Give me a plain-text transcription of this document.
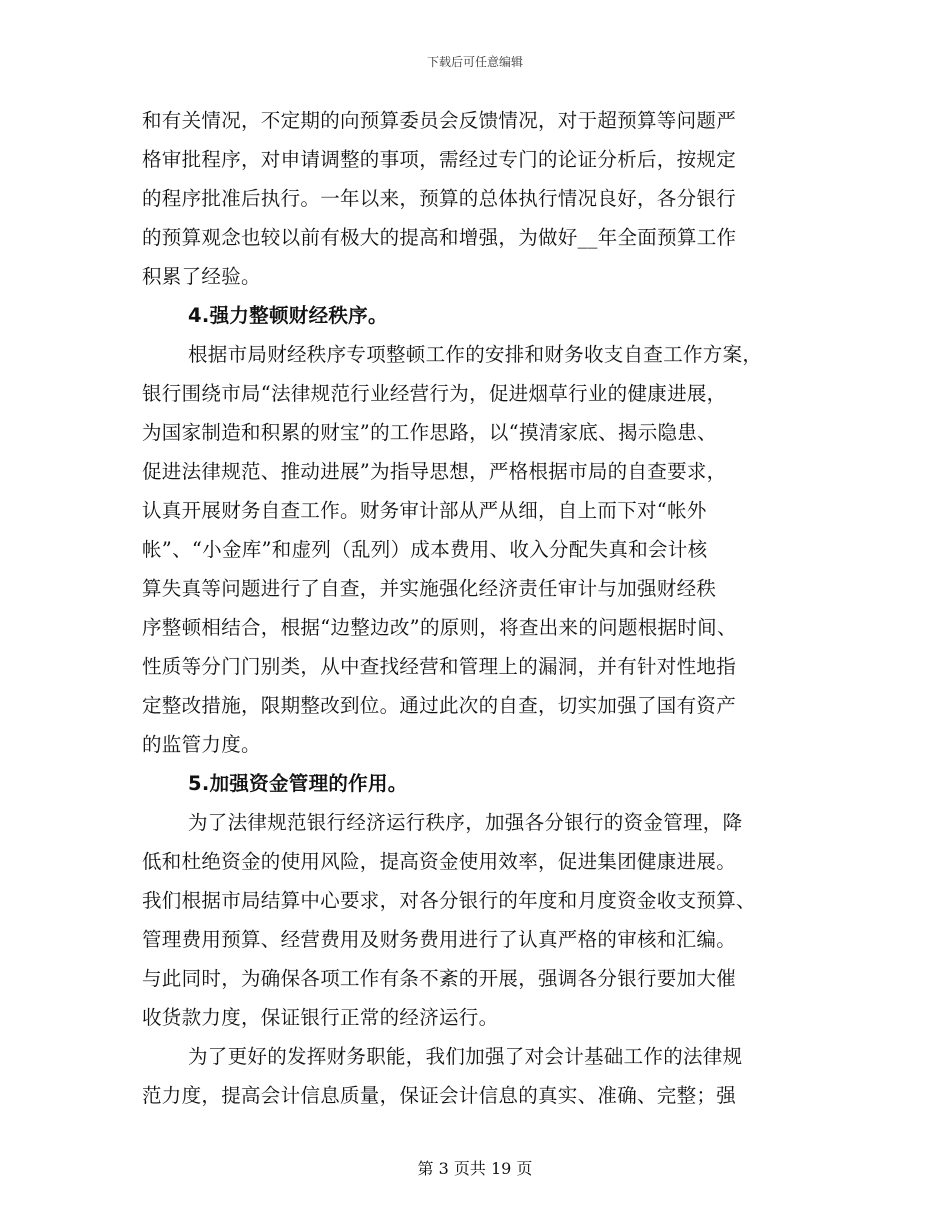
下载后可任意编辑
和有关情况，不定期的向预算委员会反馈情况，对于超预算等问题严
格审批程序，对申请调整的事项，需经过专门的论证分析后，按规定
的程序批准后执行。一年以来，预算的总体执行情况良好，各分银行
的预算观念也较以前有极大的提高和增强，为做好__年全面预算工作
积累了经验。
4.强力整顿财经秩序。
根据市局财经秩序专项整顿工作的安排和财务收支自查工作方案，
银行围绕市局“法律规范行业经营行为，促进烟草行业的健康进展，
为国家制造和积累的财宝”的工作思路，以“摸清家底、揭示隐患、
促进法律规范、推动进展”为指导思想，严格根据市局的自查要求，
认真开展财务自查工作。财务审计部从严从细，自上而下对“帐外
帐”、“小金库”和虚列（乱列）成本费用、收入分配失真和会计核
算失真等问题进行了自查，并实施强化经济责任审计与加强财经秩
序整顿相结合，根据“边整边改”的原则，将查出来的问题根据时间、
性质等分门门别类，从中查找经营和管理上的漏洞，并有针对性地指
定整改措施，限期整改到位。通过此次的自查，切实加强了国有资产
的监管力度。
5.加强资金管理的作用。
为了法律规范银行经济运行秩序，加强各分银行的资金管理，降
低和杜绝资金的使用风险，提高资金使用效率，促进集团健康进展。
我们根据市局结算中心要求，对各分银行的年度和月度资金收支预算、
管理费用预算、经营费用及财务费用进行了认真严格的审核和汇编。
与此同时，为确保各项工作有条不紊的开展，强调各分银行要加大催
收货款力度，保证银行正常的经济运行。
为了更好的发挥财务职能，我们加强了对会计基础工作的法律规
范力度，提高会计信息质量，保证会计信息的真实、准确、完整；强
第 3 页共 19 页
